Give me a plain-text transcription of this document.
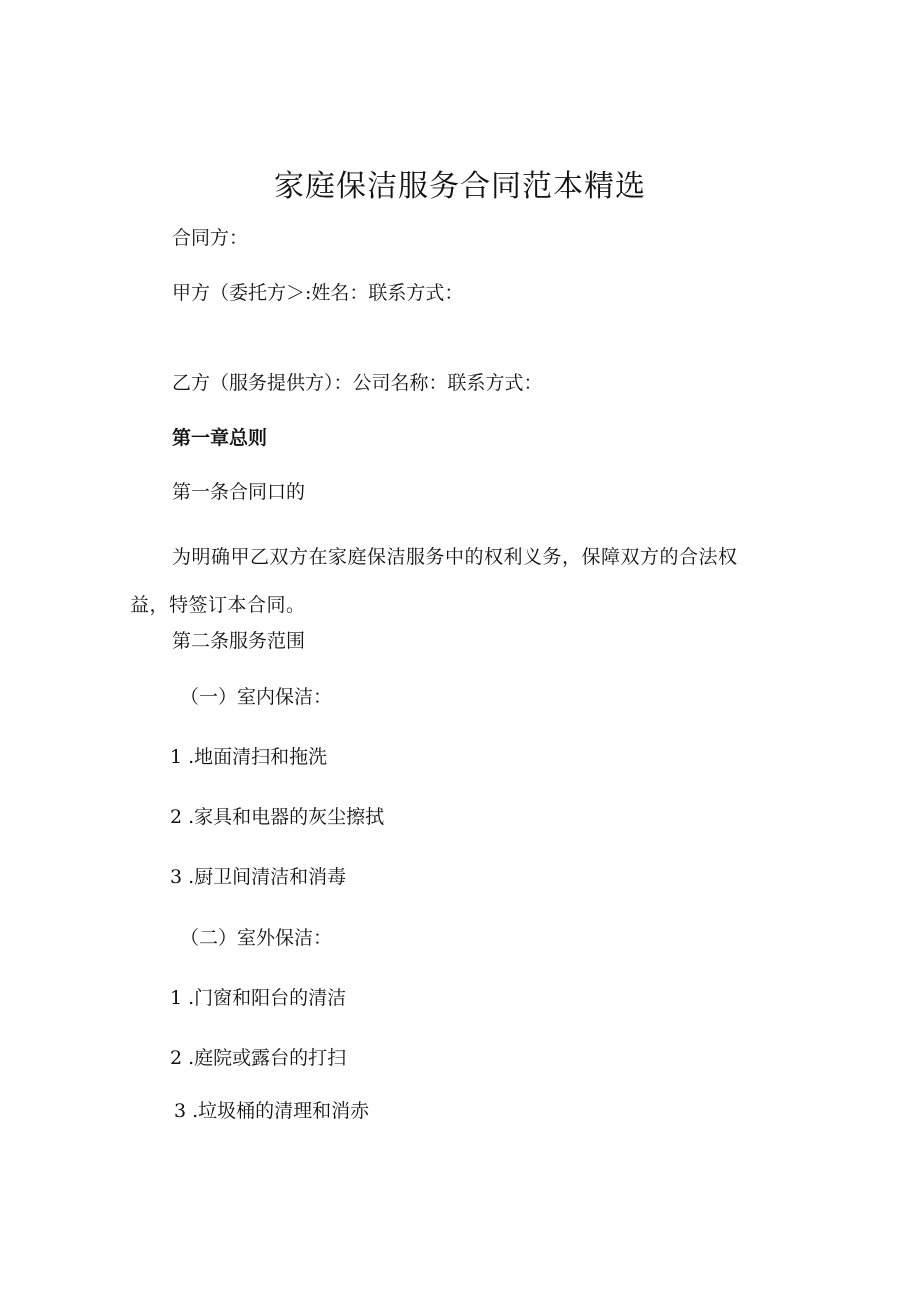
家庭保洁服务合同范本精选
合同方：
甲方（委托方＞:姓名：联系方式：
乙方（服务提供方）：公司名称：联系方式：
第一章总则
第一条合同口的
为明确甲乙双方在家庭保洁服务中的权利义务，保障双方的合法权益，特签订本合同。
第二条服务范围
（一）室内保洁：
1 .地面清扫和拖洗
2 .家具和电器的灰尘擦拭
3 .厨卫间清洁和消毒
（二）室外保洁：
1 .门窗和阳台的清洁
2 .庭院或露台的打扫
3 .垃圾桶的清理和消赤
